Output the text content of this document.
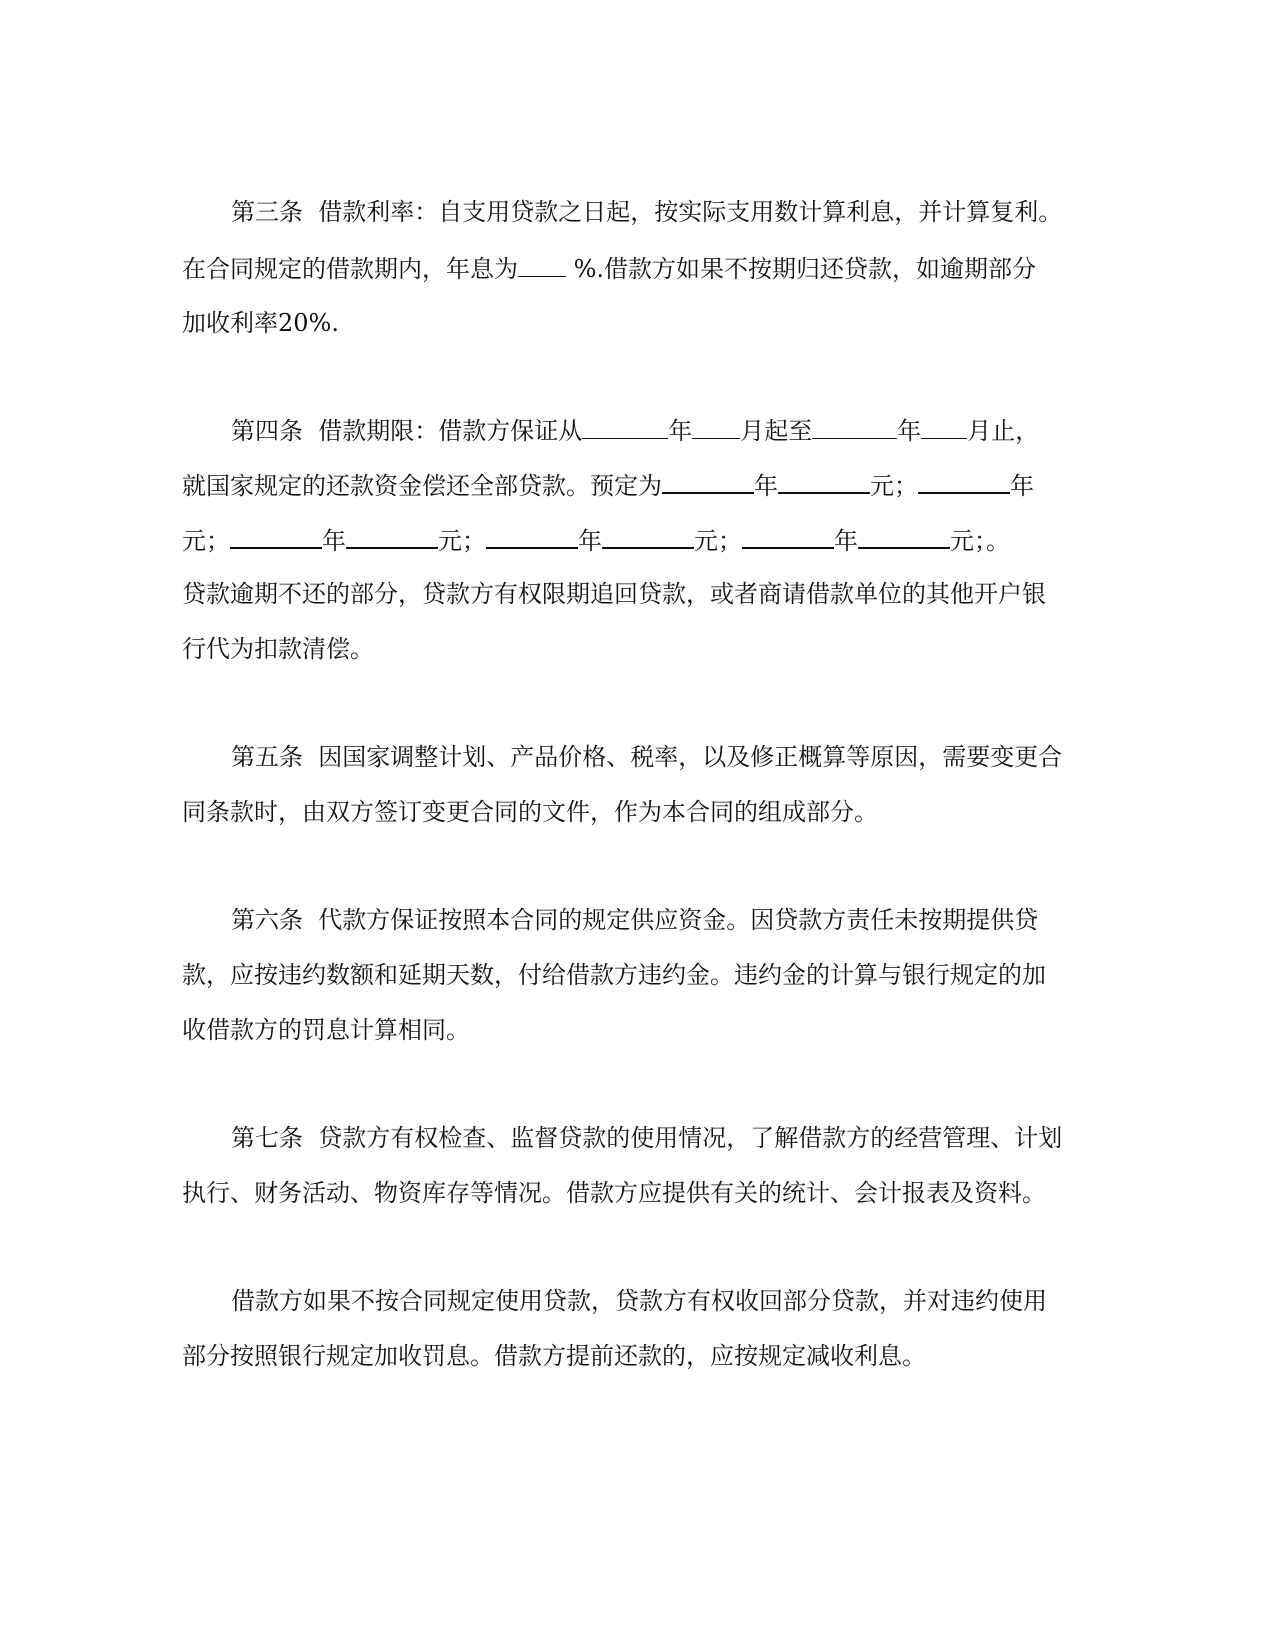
第三条  借款利率：自支用贷款之日起，按实际支用数计算利息，并计算复利。
在合同规定的借款期内，年息为 %.借款方如果不按期归还贷款，如逾期部分
加收利率20%.
第四条  借款期限：借款方保证从	年 月起至	年 月止，
就国家规定的还款资金偿还全部贷款。预定为	年	元；	年
元；	年	元；	年	元；	年	元；。
贷款逾期不还的部分，贷款方有权限期追回贷款，或者商请借款单位的其他开户银
行代为扣款清偿。
第五条  因国家调整计划、产品价格、税率，以及修正概算等原因，需要变更合
同条款时，由双方签订变更合同的文件，作为本合同的组成部分。
第六条  代款方保证按照本合同的规定供应资金。因贷款方责任未按期提供贷
款，应按违约数额和延期天数，付给借款方违约金。违约金的计算与银行规定的加
收借款方的罚息计算相同。
第七条  贷款方有权检查、监督贷款的使用情况，了解借款方的经营管理、计划
执行、财务活动、物资库存等情况。借款方应提供有关的统计、会计报表及资料。
借款方如果不按合同规定使用贷款，贷款方有权收回部分贷款，并对违约使用
部分按照银行规定加收罚息。借款方提前还款的，应按规定减收利息。
